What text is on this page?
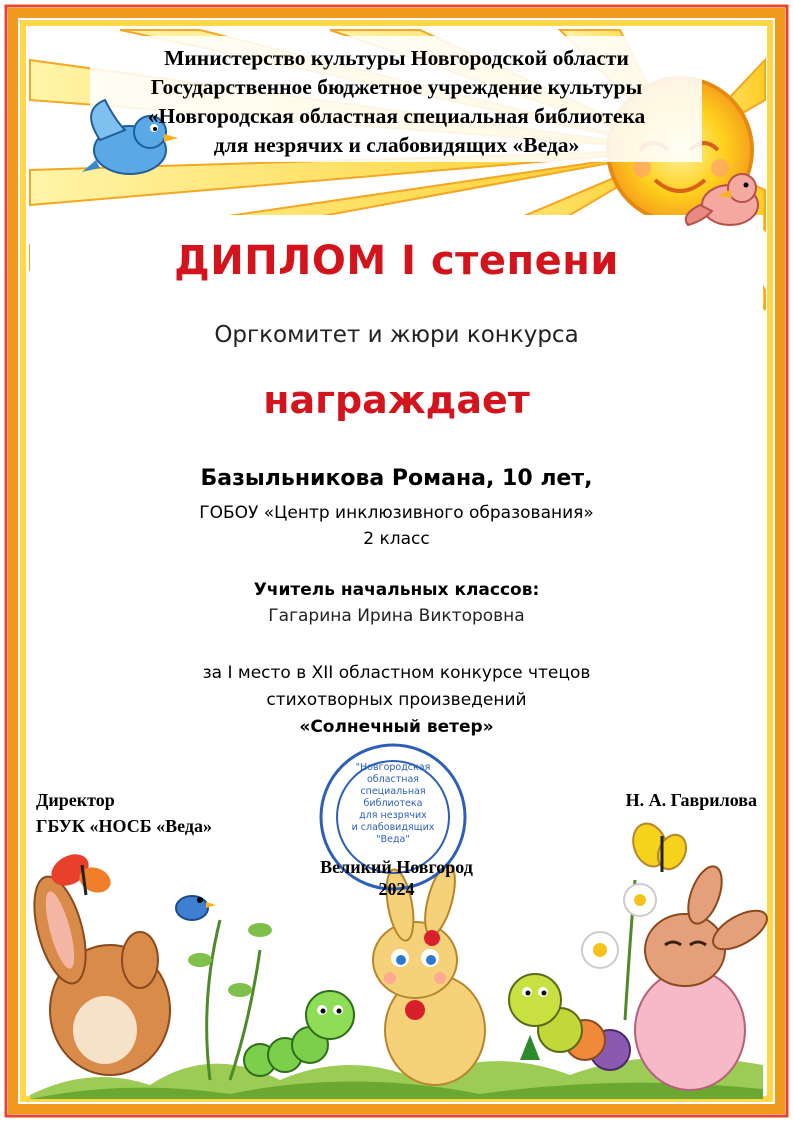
Министерство культуры Новгородской области
Государственное бюджетное учреждение культуры
«Новгородская областная специальная библиотека
для незрячих и слабовидящих «Веда»
ДИПЛОМ I степени
Оргкомитет и жюри конкурса
награждает
Базыльникова Романа, 10 лет,
ГОБОУ «Центр инклюзивного образования»
2 класс
Учитель начальных классов:
Гагарина Ирина Викторовна
за I место в XII областном конкурсе чтецов
стихотворных произведений
«Солнечный ветер»
"Новгородская
областная
специальная
библиотека
для незрячих
и слабовидящих
"Веда"
Директор
ГБУК «НОСБ «Веда»
Н. А. Гаврилова
Великий Новгород
2024
